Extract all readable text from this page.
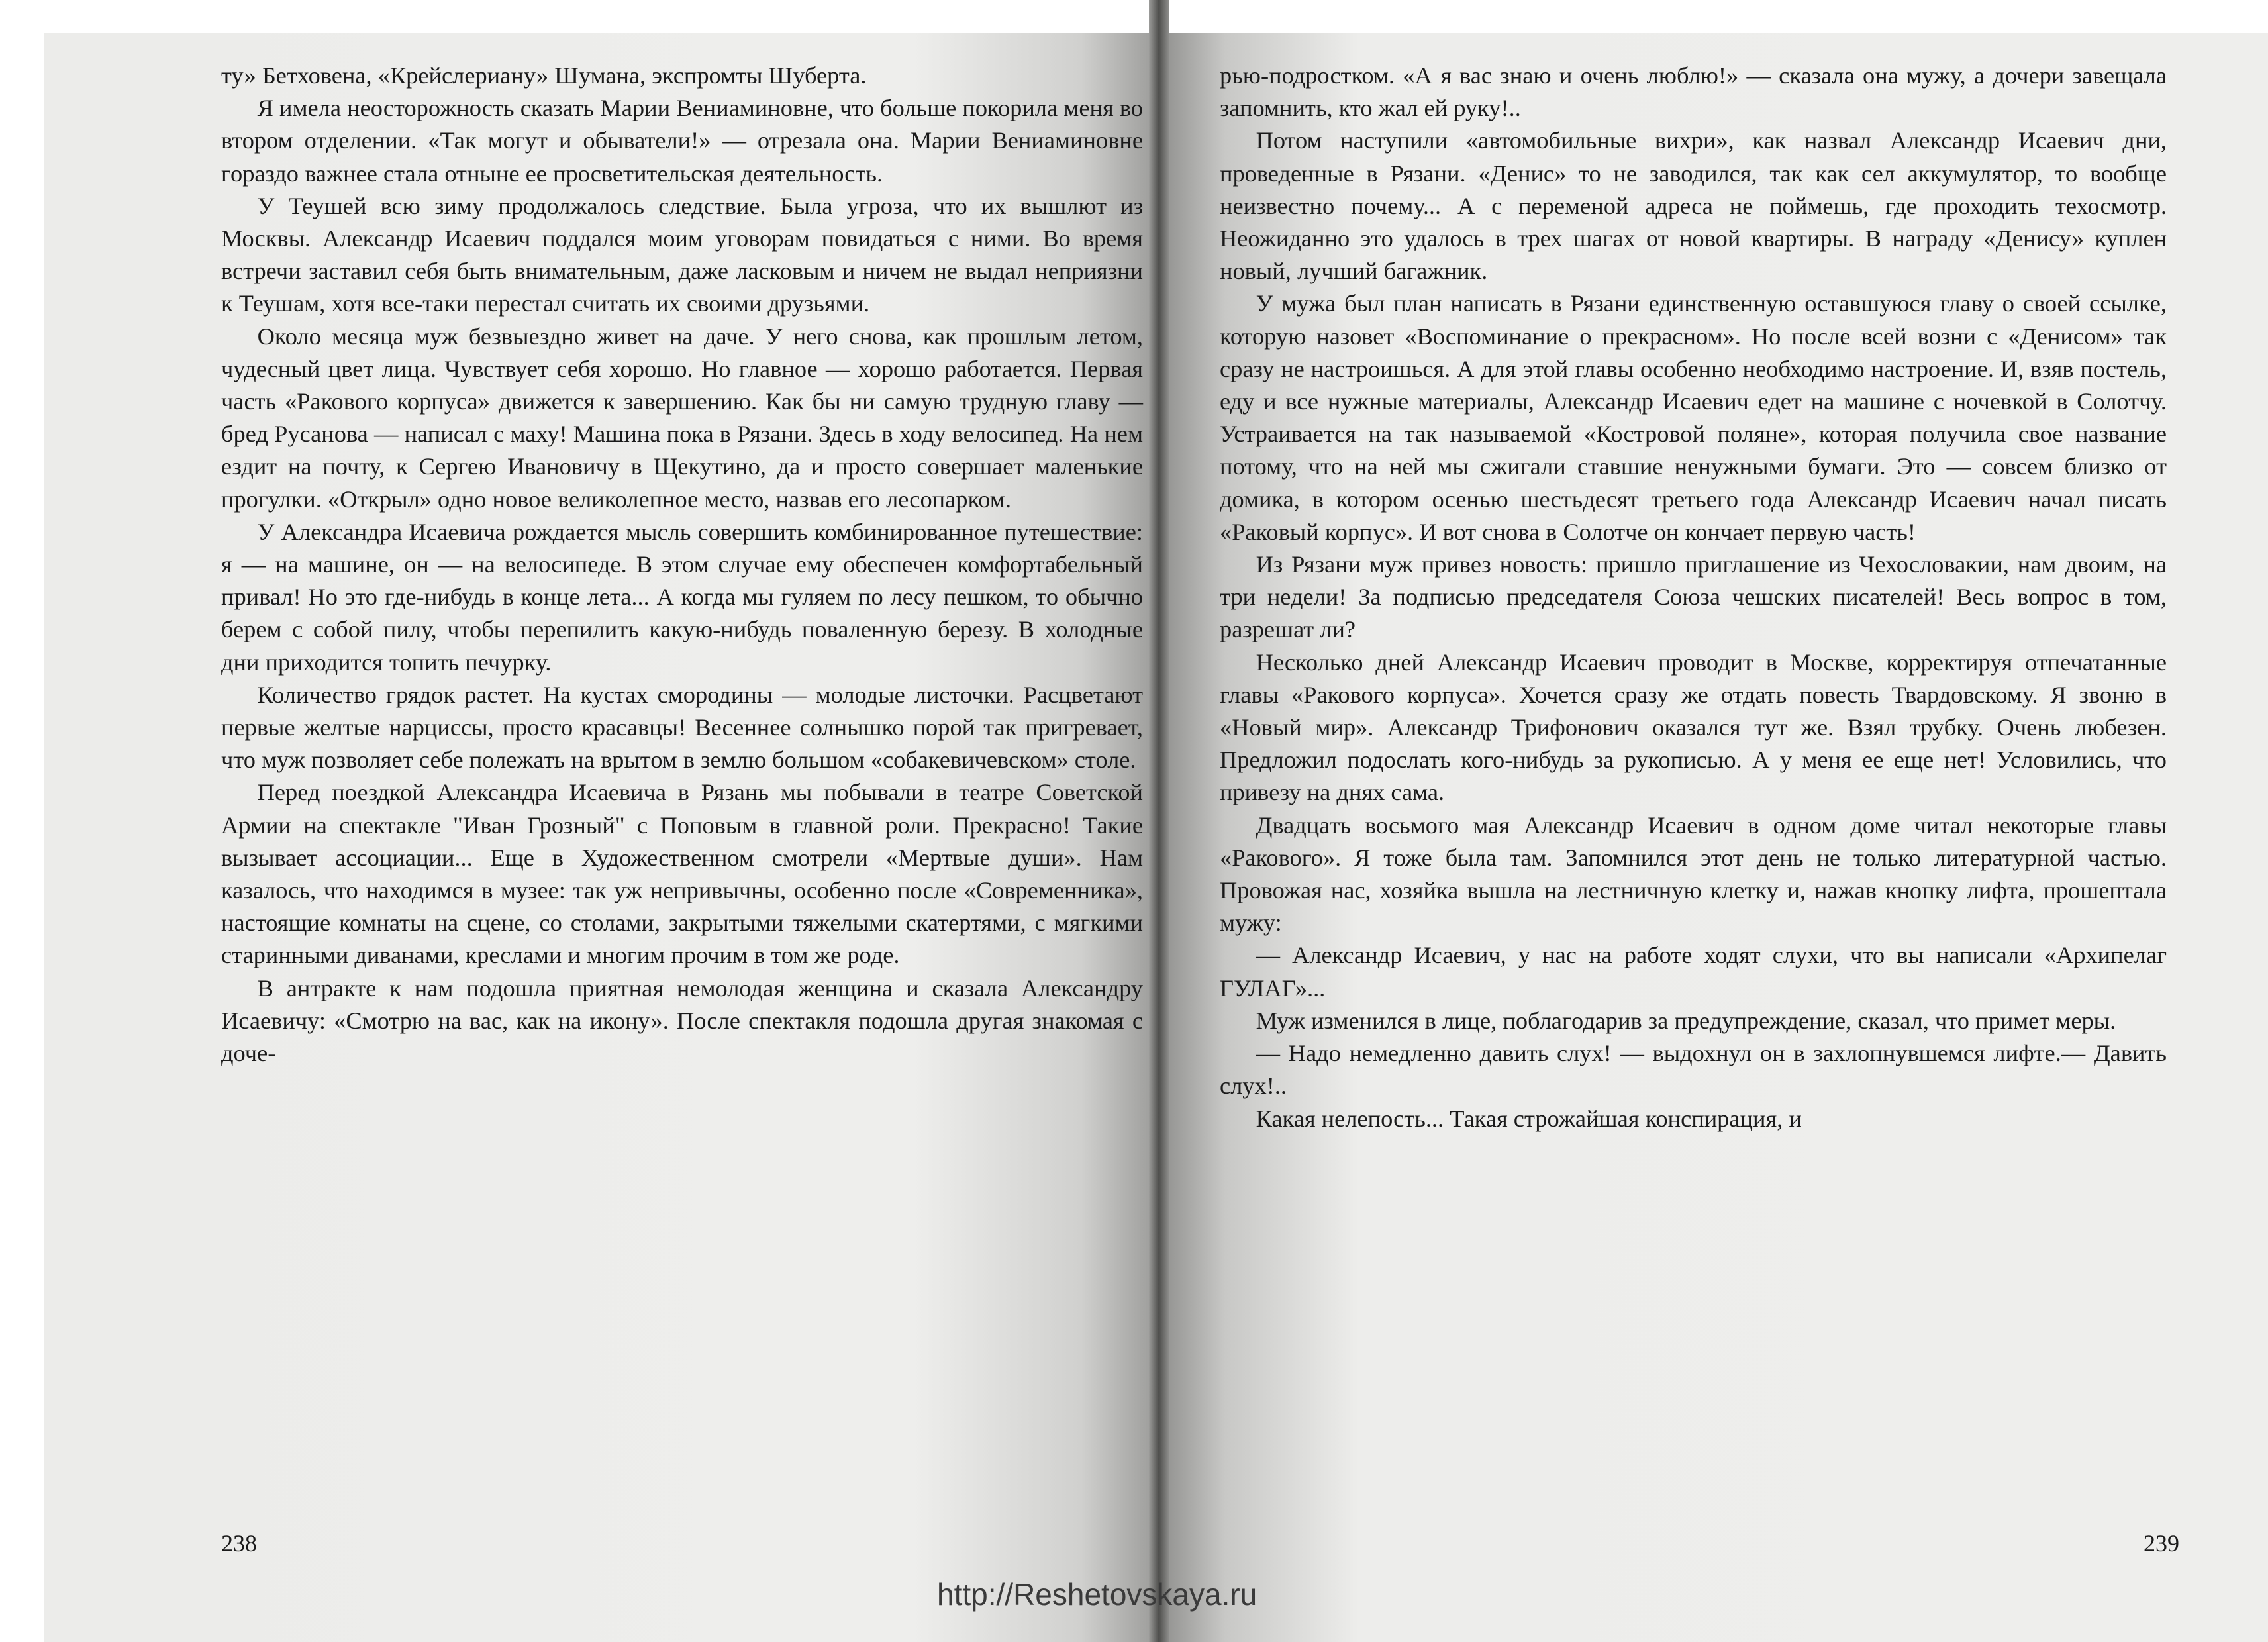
ту» Бетховена, «Крейслериану» Шумана, экспромты Шуберта.

Я имела неосторожность сказать Марии Вениаминовне, что больше покорила меня во втором отделении. «Так могут и обыватели!» — отрезала она. Марии Вениаминовне гораздо важнее стала отныне ее просветительская деятельность.

У Теушей всю зиму продолжалось следствие. Была угроза, что их вышлют из Москвы. Александр Исаевич поддался моим уговорам повидаться с ними. Во время встречи заставил себя быть внимательным, даже ласковым и ничем не выдал неприязни к Теушам, хотя все-таки перестал считать их своими друзьями.

Около месяца муж безвыездно живет на даче. У него снова, как прошлым летом, чудесный цвет лица. Чувствует себя хорошо. Но главное — хорошо работается. Первая часть «Ракового корпуса» движется к завершению. Как бы ни самую трудную главу — бред Русанова — написал с маху! Машина пока в Рязани. Здесь в ходу велосипед. На нем ездит на почту, к Сергею Ивановичу в Щекутино, да и просто совершает маленькие прогулки. «Открыл» одно новое великолепное место, назвав его лесопарком.

У Александра Исаевича рождается мысль совершить комбинированное путешествие: я — на машине, он — на велосипеде. В этом случае ему обеспечен комфортабельный привал! Но это где-нибудь в конце лета... А когда мы гуляем по лесу пешком, то обычно берем с собой пилу, чтобы перепилить какую-нибудь поваленную березу. В холодные дни приходится топить печурку.

Количество грядок растет. На кустах смородины — молодые листочки. Расцветают первые желтые нарциссы, просто красавцы! Весеннее солнышко порой так пригревает, что муж позволяет себе полежать на врытом в землю большом «собакевичевском» столе.

Перед поездкой Александра Исаевича в Рязань мы побывали в театре Советской Армии на спектакле "Иван Грозный" с Поповым в главной роли. Прекрасно! Такие вызывает ассоциации... Еще в Художественном смотрели «Мертвые души». Нам казалось, что находимся в музее: так уж непривычны, особенно после «Современника», настоящие комнаты на сцене, со столами, закрытыми тяжелыми скатертями, с мягкими старинными диванами, креслами и многим прочим в том же роде.

В антракте к нам подошла приятная немолодая женщина и сказала Александру Исаевичу: «Смотрю на вас, как на икону». После спектакля подошла другая знакомая с доче-

238

рью-подростком. «А я вас знаю и очень люблю!» — сказала она мужу, а дочери завещала запомнить, кто жал ей руку!..

Потом наступили «автомобильные вихри», как назвал Александр Исаевич дни, проведенные в Рязани. «Денис» то не заводился, так как сел аккумулятор, то вообще неизвестно почему... А с переменой адреса не поймешь, где проходить техосмотр. Неожиданно это удалось в трех шагах от новой квартиры. В награду «Денису» куплен новый, лучший багажник.

У мужа был план написать в Рязани единственную оставшуюся главу о своей ссылке, которую назовет «Воспоминание о прекрасном». Но после всей возни с «Денисом» так сразу не настроишься. А для этой главы особенно необходимо настроение. И, взяв постель, еду и все нужные материалы, Александр Исаевич едет на машине с ночевкой в Солотчу. Устраивается на так называемой «Костровой поляне», которая получила свое название потому, что на ней мы сжигали ставшие ненужными бумаги. Это — совсем близко от домика, в котором осенью шестьдесят третьего года Александр Исаевич начал писать «Раковый корпус». И вот снова в Солотче он кончает первую часть!

Из Рязани муж привез новость: пришло приглашение из Чехословакии, нам двоим, на три недели! За подписью председателя Союза чешских писателей! Весь вопрос в том, разрешат ли?

Несколько дней Александр Исаевич проводит в Москве, корректируя отпечатанные главы «Ракового корпуса». Хочется сразу же отдать повесть Твардовскому. Я звоню в «Новый мир». Александр Трифонович оказался тут же. Взял трубку. Очень любезен. Предложил подослать кого-нибудь за рукописью. А у меня ее еще нет! Условились, что привезу на днях сама.

Двадцать восьмого мая Александр Исаевич в одном доме читал некоторые главы «Ракового». Я тоже была там. Запомнился этот день не только литературной частью. Провожая нас, хозяйка вышла на лестничную клетку и, нажав кнопку лифта, прошептала мужу:

— Александр Исаевич, у нас на работе ходят слухи, что вы написали «Архипелаг ГУЛАГ»...

Муж изменился в лице, поблагодарив за предупреждение, сказал, что примет меры.

— Надо немедленно давить слух! — выдохнул он в захлопнувшемся лифте.— Давить слух!..

Какая нелепость... Такая строжайшая конспирация, и

239
http://Reshetovskaya.ru
